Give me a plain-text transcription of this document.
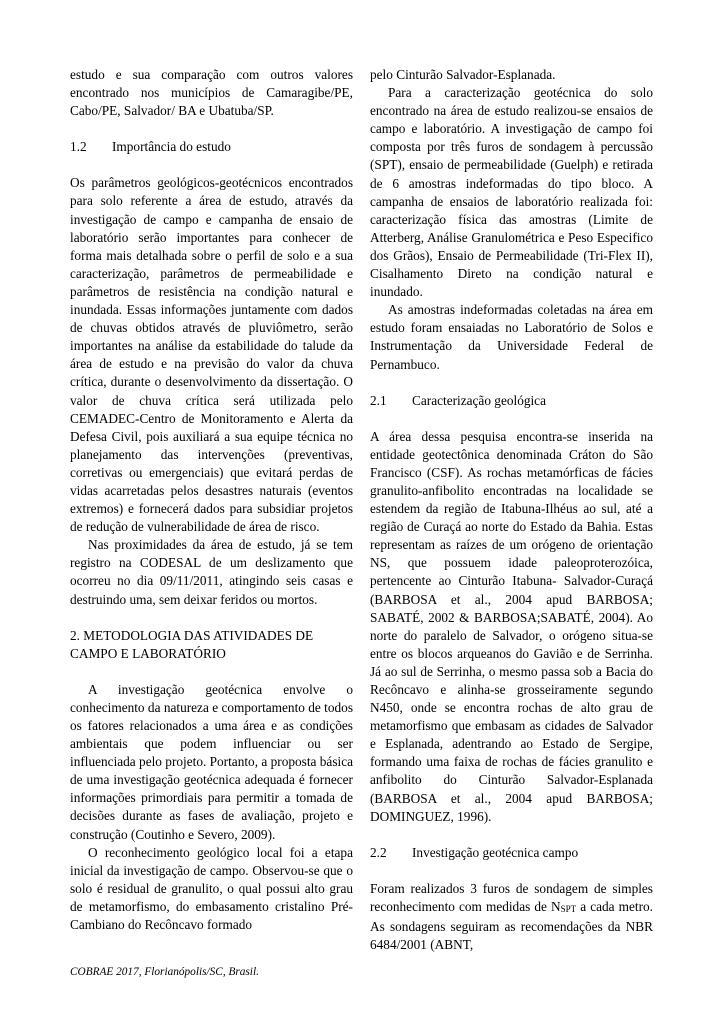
estudo e sua comparação com outros valores encontrado nos municípios de Camaragibe/PE, Cabo/PE, Salvador/ BA e Ubatuba/SP.

1.2	Importância do estudo

Os parâmetros geológicos-geotécnicos encontrados para solo referente a área de estudo, através da investigação de campo e campanha de ensaio de laboratório serão importantes para conhecer de forma mais detalhada sobre o perfil de solo e a sua caracterização, parâmetros de permeabilidade e parâmetros de resistência na condição natural e inundada. Essas informações juntamente com dados de chuvas obtidos através de pluviômetro, serão importantes na análise da estabilidade do talude da área de estudo e na previsão do valor da chuva crítica, durante o desenvolvimento da dissertação. O valor de chuva crítica será utilizada pelo CEMADEC-Centro de Monitoramento e Alerta da Defesa Civil, pois auxiliará a sua equipe técnica no planejamento das intervenções (preventivas, corretivas ou emergenciais) que evitará perdas de vidas acarretadas pelos desastres naturais (eventos extremos) e fornecerá dados para subsidiar projetos de redução de vulnerabilidade de área de risco.

Nas proximidades da área de estudo, já se tem registro na CODESAL de um deslizamento que ocorreu no dia 09/11/2011, atingindo seis casas e destruindo uma, sem deixar feridos ou mortos.

2. METODOLOGIA DAS ATIVIDADES DE CAMPO E LABORATÓRIO

A investigação geotécnica envolve o conhecimento da natureza e comportamento de todos os fatores relacionados a uma área e as condições ambientais que podem influenciar ou ser influenciada pelo projeto. Portanto, a proposta básica de uma investigação geotécnica adequada é fornecer informações primordiais para permitir a tomada de decisões durante as fases de avaliação, projeto e construção (Coutinho e Severo, 2009).

O reconhecimento geológico local foi a etapa inicial da investigação de campo. Observou-se que o solo é residual de granulito, o qual possui alto grau de metamorfismo, do embasamento cristalino Pré-Cambiano do Recôncavo formado

pelo Cinturão Salvador-Esplanada.

Para a caracterização geotécnica do solo encontrado na área de estudo realizou-se ensaios de campo e laboratório. A investigação de campo foi composta por três furos de sondagem à percussão (SPT), ensaio de permeabilidade (Guelph) e retirada de 6 amostras indeformadas do tipo bloco. A campanha de ensaios de laboratório realizada foi: caracterização física das amostras (Limite de Atterberg, Análise Granulométrica e Peso Especifico dos Grãos), Ensaio de Permeabilidade (Tri-Flex II), Cisalhamento Direto na condição natural e inundado.

As amostras indeformadas coletadas na área em estudo foram ensaiadas no Laboratório de Solos e Instrumentação da Universidade Federal de Pernambuco.

2.1	Caracterização geológica

A área dessa pesquisa encontra-se inserida na entidade geotectônica denominada Cráton do São Francisco (CSF). As rochas metamórficas de fácies granulito-anfibolito encontradas na localidade se estendem da região de Itabuna-Ilhéus ao sul, até a região de Curaçá ao norte do Estado da Bahia. Estas representam as raízes de um orógeno de orientação NS, que possuem idade paleoproterozóica, pertencente ao Cinturão Itabuna- Salvador-Curaçá (BARBOSA et al., 2004 apud BARBOSA; SABATÉ, 2002 & BARBOSA;SABATÉ, 2004). Ao norte do paralelo de Salvador, o orógeno situa-se entre os blocos arqueanos do Gavião e de Serrinha. Já ao sul de Serrinha, o mesmo passa sob a Bacia do Recôncavo e alinha-se grosseiramente segundo N450, onde se encontra rochas de alto grau de metamorfismo que embasam as cidades de Salvador e Esplanada, adentrando ao Estado de Sergipe, formando uma faixa de rochas de fácies granulito e anfibolito do Cinturão Salvador-Esplanada (BARBOSA et al., 2004 apud BARBOSA; DOMINGUEZ, 1996).

2.2	Investigação geotécnica campo

Foram realizados 3 furos de sondagem de simples reconhecimento com medidas de NSPT a cada metro. As sondagens seguiram as recomendações da NBR 6484/2001 (ABNT,

COBRAE 2017, Florianópolis/SC, Brasil.
